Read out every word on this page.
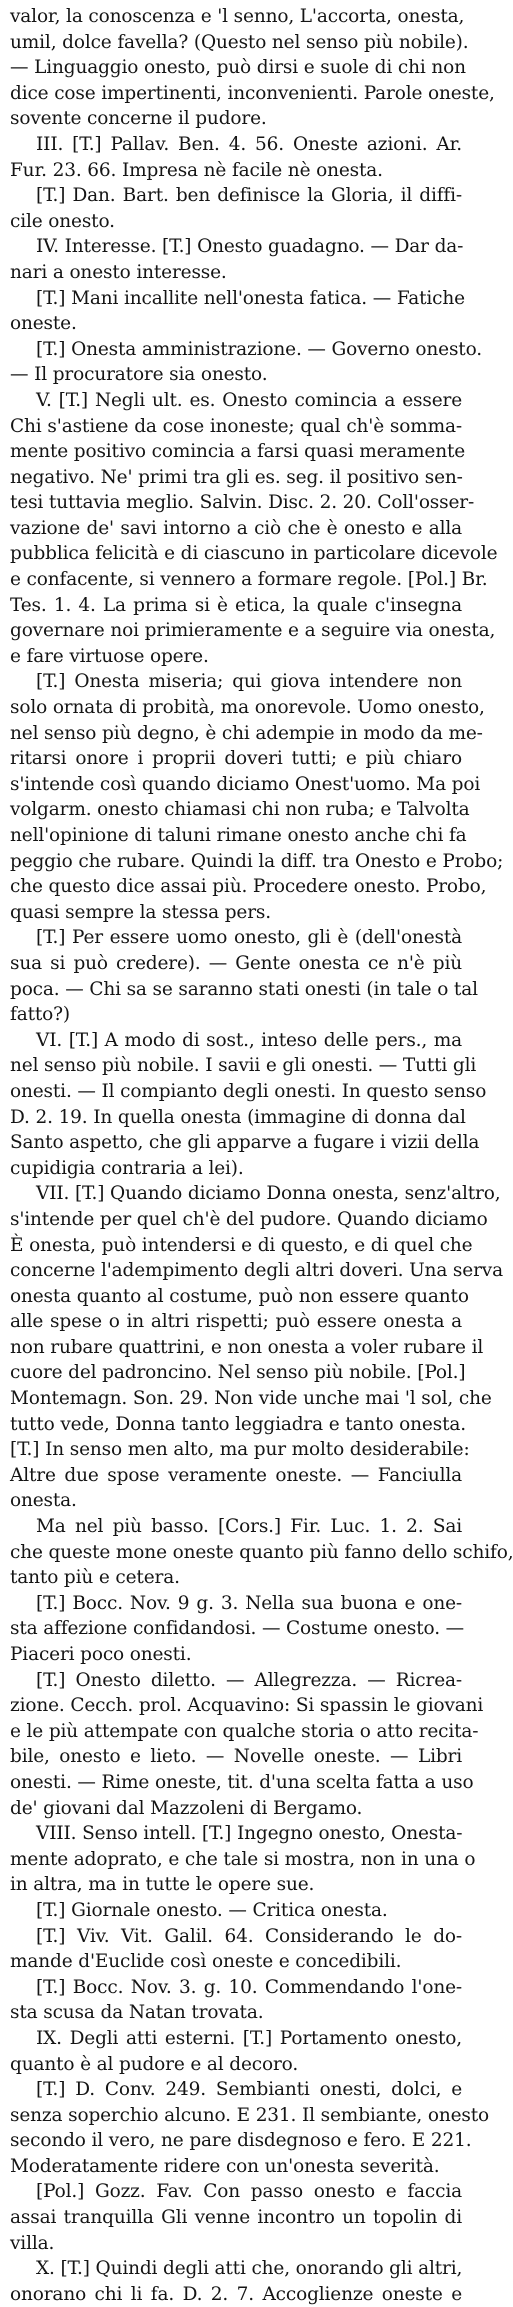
valor, la conoscenza e 'l senno, L'accorta, onesta,
umil, dolce favella? (Questo nel senso più nobile).
— Linguaggio onesto, può dirsi e suole di chi non
dice cose impertinenti, inconvenienti. Parole oneste,
sovente concerne il pudore.
III. [T.] Pallav. Ben. 4. 56. Oneste azioni. Ar.
Fur. 23. 66. Impresa nè facile nè onesta.
[T.] Dan. Bart. ben definisce la Gloria, il diffi-
cile onesto.
IV. Interesse. [T.] Onesto guadagno. — Dar da-
nari a onesto interesse.
[T.] Mani incallite nell'onesta fatica. — Fatiche
oneste.
[T.] Onesta amministrazione. — Governo onesto.
— Il procuratore sia onesto.
V. [T.] Negli ult. es. Onesto comincia a essere
Chi s'astiene da cose inoneste; qual ch'è somma-
mente positivo comincia a farsi quasi meramente
negativo. Ne' primi tra gli es. seg. il positivo sen-
tesi tuttavia meglio. Salvin. Disc. 2. 20. Coll'osser-
vazione de' savi intorno a ciò che è onesto e alla
pubblica felicità e di ciascuno in particolare dicevole
e confacente, si vennero a formare regole. [Pol.] Br.
Tes. 1. 4. La prima si è etica, la quale c'insegna
governare noi primieramente e a seguire via onesta,
e fare virtuose opere.
[T.] Onesta miseria; qui giova intendere non
solo ornata di probità, ma onorevole. Uomo onesto,
nel senso più degno, è chi adempie in modo da me-
ritarsi onore i proprii doveri tutti; e più chiaro
s'intende così quando diciamo Onest'uomo. Ma poi
volgarm. onesto chiamasi chi non ruba; e Talvolta
nell'opinione di taluni rimane onesto anche chi fa
peggio che rubare. Quindi la diff. tra Onesto e Probo;
che questo dice assai più. Procedere onesto. Probo,
quasi sempre la stessa pers.
[T.] Per essere uomo onesto, gli è (dell'onestà
sua si può credere). — Gente onesta ce n'è più
poca. — Chi sa se saranno stati onesti (in tale o tal
fatto?)
VI. [T.] A modo di sost., inteso delle pers., ma
nel senso più nobile. I savii e gli onesti. — Tutti gli
onesti. — Il compianto degli onesti. In questo senso
D. 2. 19. In quella onesta (immagine di donna dal
Santo aspetto, che gli apparve a fugare i vizii della
cupidigia contraria a lei).
VII. [T.] Quando diciamo Donna onesta, senz'altro,
s'intende per quel ch'è del pudore. Quando diciamo
È onesta, può intendersi e di questo, e di quel che
concerne l'adempimento degli altri doveri. Una serva
onesta quanto al costume, può non essere quanto
alle spese o in altri rispetti; può essere onesta a
non rubare quattrini, e non onesta a voler rubare il
cuore del padroncino. Nel senso più nobile. [Pol.]
Montemagn. Son. 29. Non vide unche mai 'l sol, che
tutto vede, Donna tanto leggiadra e tanto onesta.
[T.] In senso men alto, ma pur molto desiderabile:
Altre due spose veramente oneste. — Fanciulla
onesta.
Ma nel più basso. [Cors.] Fir. Luc. 1. 2. Sai
che queste mone oneste quanto più fanno dello schifo,
tanto più e cetera.
[T.] Bocc. Nov. 9 g. 3. Nella sua buona e one-
sta affezione confidandosi. — Costume onesto. —
Piaceri poco onesti.
[T.] Onesto diletto. — Allegrezza. — Ricrea-
zione. Cecch. prol. Acquavino: Si spassin le giovani
e le più attempate con qualche storia o atto recita-
bile, onesto e lieto. — Novelle oneste. — Libri
onesti. — Rime oneste, tit. d'una scelta fatta a uso
de' giovani dal Mazzoleni di Bergamo.
VIII. Senso intell. [T.] Ingegno onesto, Onesta-
mente adoprato, e che tale si mostra, non in una o
in altra, ma in tutte le opere sue.
[T.] Giornale onesto. — Critica onesta.
[T.] Viv. Vit. Galil. 64. Considerando le do-
mande d'Euclide così oneste e concedibili.
[T.] Bocc. Nov. 3. g. 10. Commendando l'one-
sta scusa da Natan trovata.
IX. Degli atti esterni. [T.] Portamento onesto,
quanto è al pudore e al decoro.
[T.] D. Conv. 249. Sembianti onesti, dolci, e
senza soperchio alcuno. E 231. Il sembiante, onesto
secondo il vero, ne pare disdegnoso e fero. E 221.
Moderatamente ridere con un'onesta severità.
[Pol.] Gozz. Fav. Con passo onesto e faccia
assai tranquilla Gli venne incontro un topolin di
villa.
X. [T.] Quindi degli atti che, onorando gli altri,
onorano chi li fa. D. 2. 7. Accoglienze oneste e
